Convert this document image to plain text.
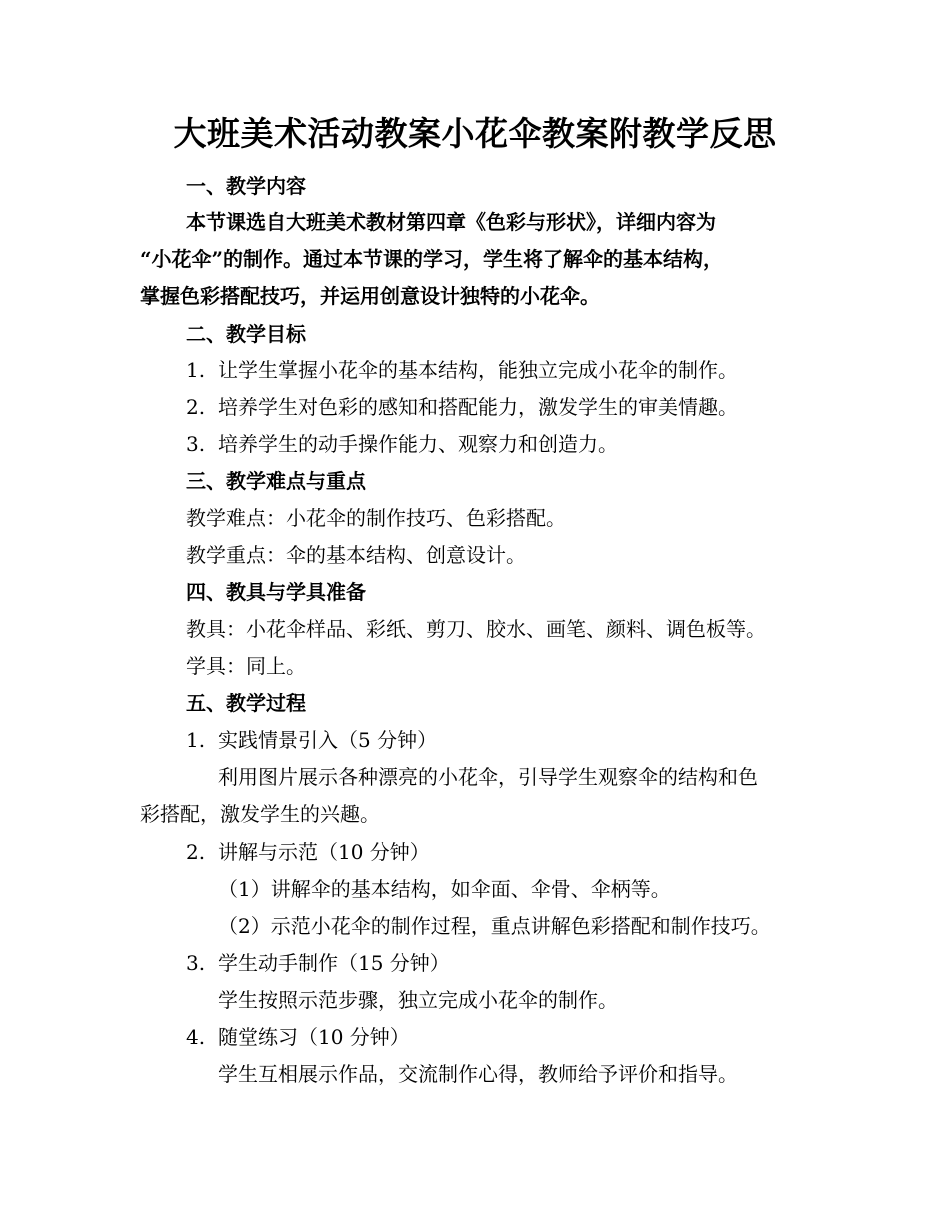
大班美术活动教案小花伞教案附教学反思
一、教学内容
本节课选自大班美术教材第四章《色彩与形状》，详细内容为
“小花伞”的制作。通过本节课的学习，学生将了解伞的基本结构，
掌握色彩搭配技巧，并运用创意设计独特的小花伞。
二、教学目标
1. 让学生掌握小花伞的基本结构，能独立完成小花伞的制作。
2. 培养学生对色彩的感知和搭配能力，激发学生的审美情趣。
3. 培养学生的动手操作能力、观察力和创造力。
三、教学难点与重点
教学难点：小花伞的制作技巧、色彩搭配。
教学重点：伞的基本结构、创意设计。
四、教具与学具准备
教具：小花伞样品、彩纸、剪刀、胶水、画笔、颜料、调色板等。
学具：同上。
五、教学过程
1. 实践情景引入（5 分钟）
利用图片展示各种漂亮的小花伞，引导学生观察伞的结构和色
彩搭配，激发学生的兴趣。
2. 讲解与示范（10 分钟）
（1）讲解伞的基本结构，如伞面、伞骨、伞柄等。
（2）示范小花伞的制作过程，重点讲解色彩搭配和制作技巧。
3. 学生动手制作（15 分钟）
学生按照示范步骤，独立完成小花伞的制作。
4. 随堂练习（10 分钟）
学生互相展示作品，交流制作心得，教师给予评价和指导。
